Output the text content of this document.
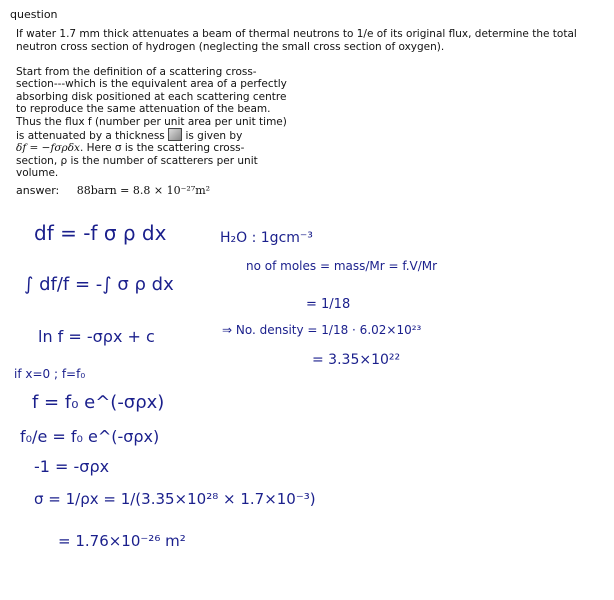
question

If water 1.7 mm thick attenuates a beam of thermal neutrons to 1/e of its original flux, determine the total neutron cross section of hydrogen (neglecting the small cross section of oxygen).

Start from the definition of a scattering cross-
section---which is the equivalent area of a perfectly
absorbing disk positioned at each scattering centre
to reproduce the same attenuation of the beam.
Thus the flux f (number per unit area per unit time)
is attenuated by a thickness is given by
δf = −fσρδx. Here σ is the scattering cross-
section, ρ is the number of scatterers per unit
volume.
answer: 88barn = 8.8 × 10⁻²⁷m²
df = -f σ ρ dx
∫ df/f = -∫ σ ρ dx
ln f = -σρx + c
if x=0 ; f=f₀
f = f₀ e^(-σρx)
f₀/e = f₀ e^(-σρx)
-1 = -σρx
σ = 1/ρx = 1/(3.35×10²⁸ × 1.7×10⁻³)
= 1.76×10⁻²⁶ m²
H₂O : 1gcm⁻³
no of moles = mass/Mr = f.V/Mr
= 1/18
⇒ No. density = 1/18 · 6.02×10²³
= 3.35×10²²
